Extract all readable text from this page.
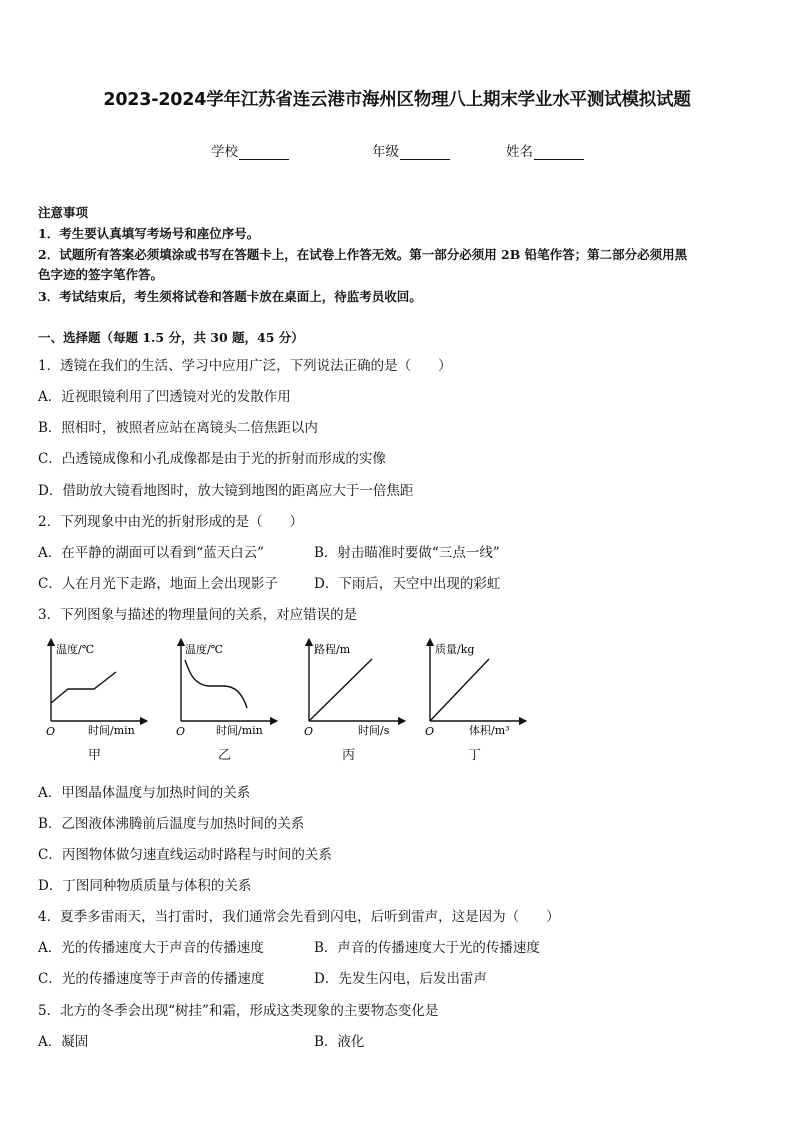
2023-2024学年江苏省连云港市海州区物理八上期末学业水平测试模拟试题
学校	年级	姓名
注意事项
1．考生要认真填写考场号和座位序号。
2．试题所有答案必须填涂或书写在答题卡上，在试卷上作答无效。第一部分必须用 2B 铅笔作答；第二部分必须用黑
色字迹的签字笔作答。
3．考试结束后，考生须将试卷和答题卡放在桌面上，待监考员收回。
一、选择题（每题 1.5 分，共 30 题，45 分）
1．透镜在我们的生活、学习中应用广泛，下列说法正确的是（　　）
A．近视眼镜利用了凹透镜对光的发散作用
B．照相时，被照者应站在离镜头二倍焦距以内
C．凸透镜成像和小孔成像都是由于光的折射而形成的实像
D．借助放大镜看地图时，放大镜到地图的距离应大于一倍焦距
2．下列现象中由光的折射形成的是（　　）
A．在平静的湖面可以看到“蓝天白云”	B．射击瞄准时要做“三点一线”
C．人在月光下走路，地面上会出现影子	D．下雨后，天空中出现的彩虹
3．下列图象与描述的物理量间的关系，对应错误的是
温度/℃
时间/min
O
甲
温度/℃
时间/min
O
乙
路程/m
时间/s
O
丙
质量/kg
体积/m³
O
丁
A．甲图晶体温度与加热时间的关系
B．乙图液体沸腾前后温度与加热时间的关系
C．丙图物体做匀速直线运动时路程与时间的关系
D．丁图同种物质质量与体积的关系
4．夏季多雷雨天，当打雷时，我们通常会先看到闪电，后听到雷声，这是因为（　　）
A．光的传播速度大于声音的传播速度	B．声音的传播速度大于光的传播速度
C．光的传播速度等于声音的传播速度	D．先发生闪电，后发出雷声
5．北方的冬季会出现“树挂”和霜，形成这类现象的主要物态变化是
A．凝固	B．液化
